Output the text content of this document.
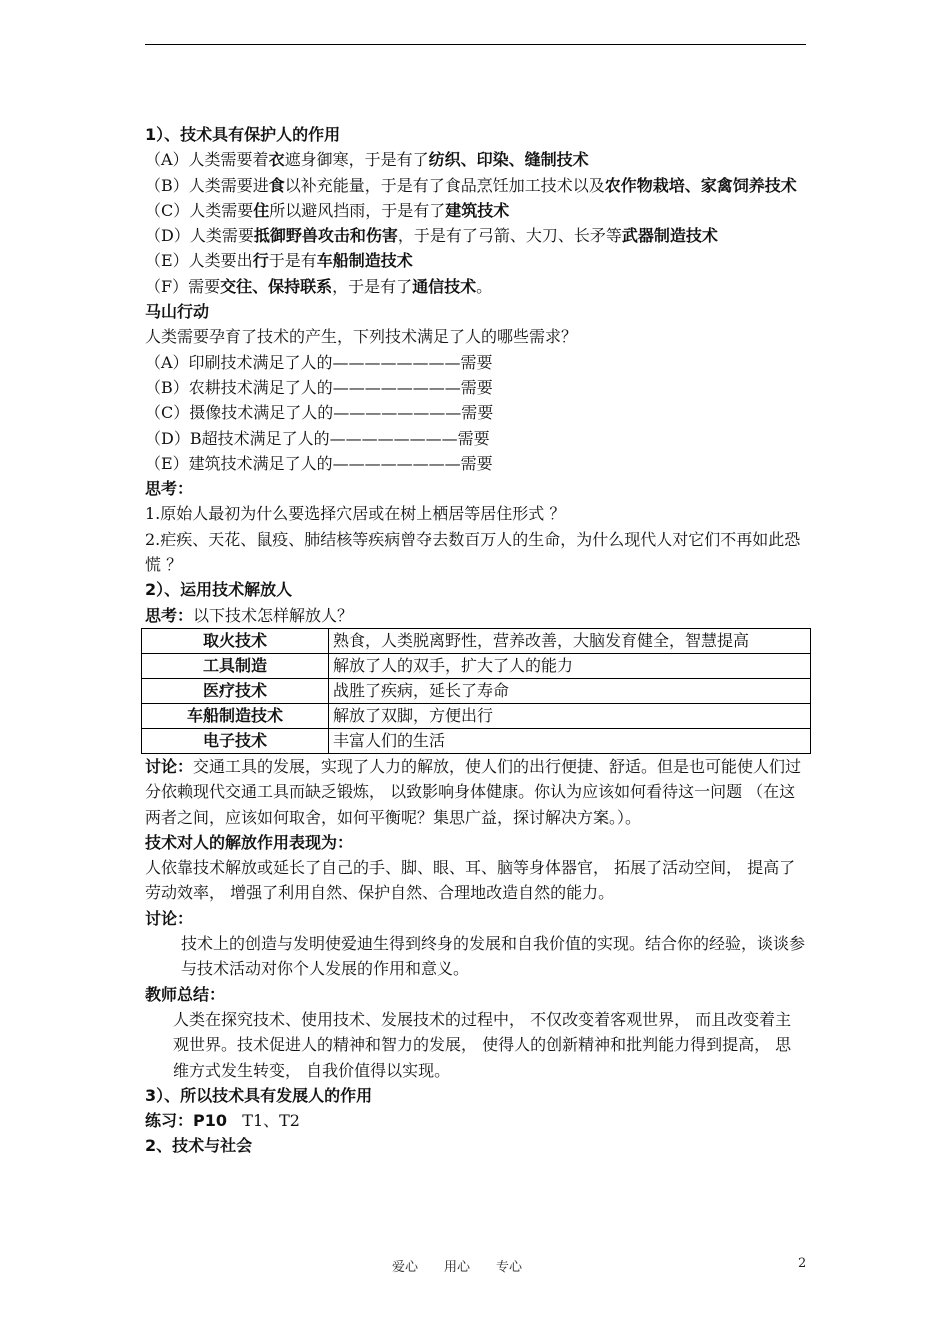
1）、技术具有保护人的作用
（A）人类需要着衣遮身御寒，于是有了纺织、印染、缝制技术
（B）人类需要进食以补充能量，于是有了食品烹饪加工技术以及农作物栽培、家禽饲养技术
（C）人类需要住所以避风挡雨，于是有了建筑技术
（D）人类需要抵御野兽攻击和伤害，于是有了弓箭、大刀、长矛等武器制造技术
（E）人类要出行于是有车船制造技术
（F）需要交往、保持联系，于是有了通信技术。
马山行动
人类需要孕育了技术的产生，下列技术满足了人的哪些需求？
（A）印刷技术满足了人的————————需要
（B）农耕技术满足了人的————————需要
（C）摄像技术满足了人的————————需要
（D）B超技术满足了人的————————需要
（E）建筑技术满足了人的————————需要
思考：
1.原始人最初为什么要选择穴居或在树上栖居等居住形式 ？
2.疟疾、天花、鼠疫、肺结核等疾病曾夺去数百万人的生命，为什么现代人对它们不再如此恐慌 ？
2）、运用技术解放人
思考：以下技术怎样解放人？
取火技术	熟食，人类脱离野性，营养改善，大脑发育健全，智慧提高
工具制造	解放了人的双手，扩大了人的能力
医疗技术	战胜了疾病，延长了寿命
车船制造技术	解放了双脚，方便出行
电子技术	丰富人们的生活
讨论：交通工具的发展，实现了人力的解放，使人们的出行便捷、舒适。但是也可能使人们过分依赖现代交通工具而缺乏锻炼， 以致影响身体健康。你认为应该如何看待这一问题 （在这两者之间，应该如何取舍，如何平衡呢？集思广益，探讨解决方案。）。
技术对人的解放作用表现为：
人依靠技术解放或延长了自己的手、脚、眼、耳、脑等身体器官， 拓展了活动空间， 提高了劳动效率， 增强了利用自然、保护自然、合理地改造自然的能力。
讨论：
技术上的创造与发明使爱迪生得到终身的发展和自我价值的实现。结合你的经验，谈谈参与技术活动对你个人发展的作用和意义。
教师总结：
人类在探究技术、使用技术、发展技术的过程中， 不仅改变着客观世界， 而且改变着主观世界。技术促进人的精神和智力的发展， 使得人的创新精神和批判能力得到提高， 思维方式发生转变， 自我价值得以实现。
3）、所以技术具有发展人的作用
练习：P10 T1、T2
2、技术与社会
爱心　　用心　　专心	2
